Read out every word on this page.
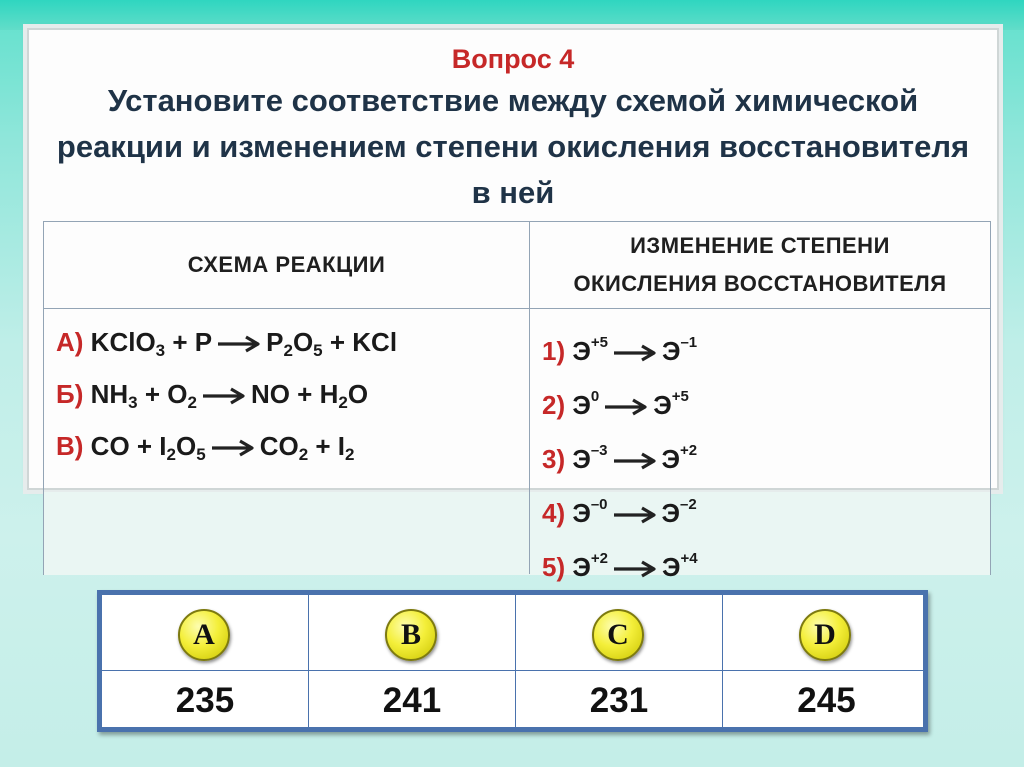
Вопрос 4
Установите соответствие между схемой химической реакции и изменением степени окисления восстановителя в ней
СХЕМА РЕАКЦИИ
А) KClO$_3$ + P $P_2O_5$ + KCl
Б) $NH_3 + O_2$ NO + $H_2O$
В) CO + $I_2O_5$ $CO_2 + I_2$
ИЗМЕНЕНИЕ СТЕПЕНИ
ОКИСЛЕНИЯ ВОССТАНОВИТЕЛЯ
1) $Э^{+5}$ $Э^{-1}$
2) $Э^0$ $Э^{+5}$
3) $Э^{-3}$ $Э^{+2}$
4) $Э^{-0}$ $Э^{-2}$
5) $Э^{+2}$ $Э^{+4}$
A
235
B
241
C
231
D
245
